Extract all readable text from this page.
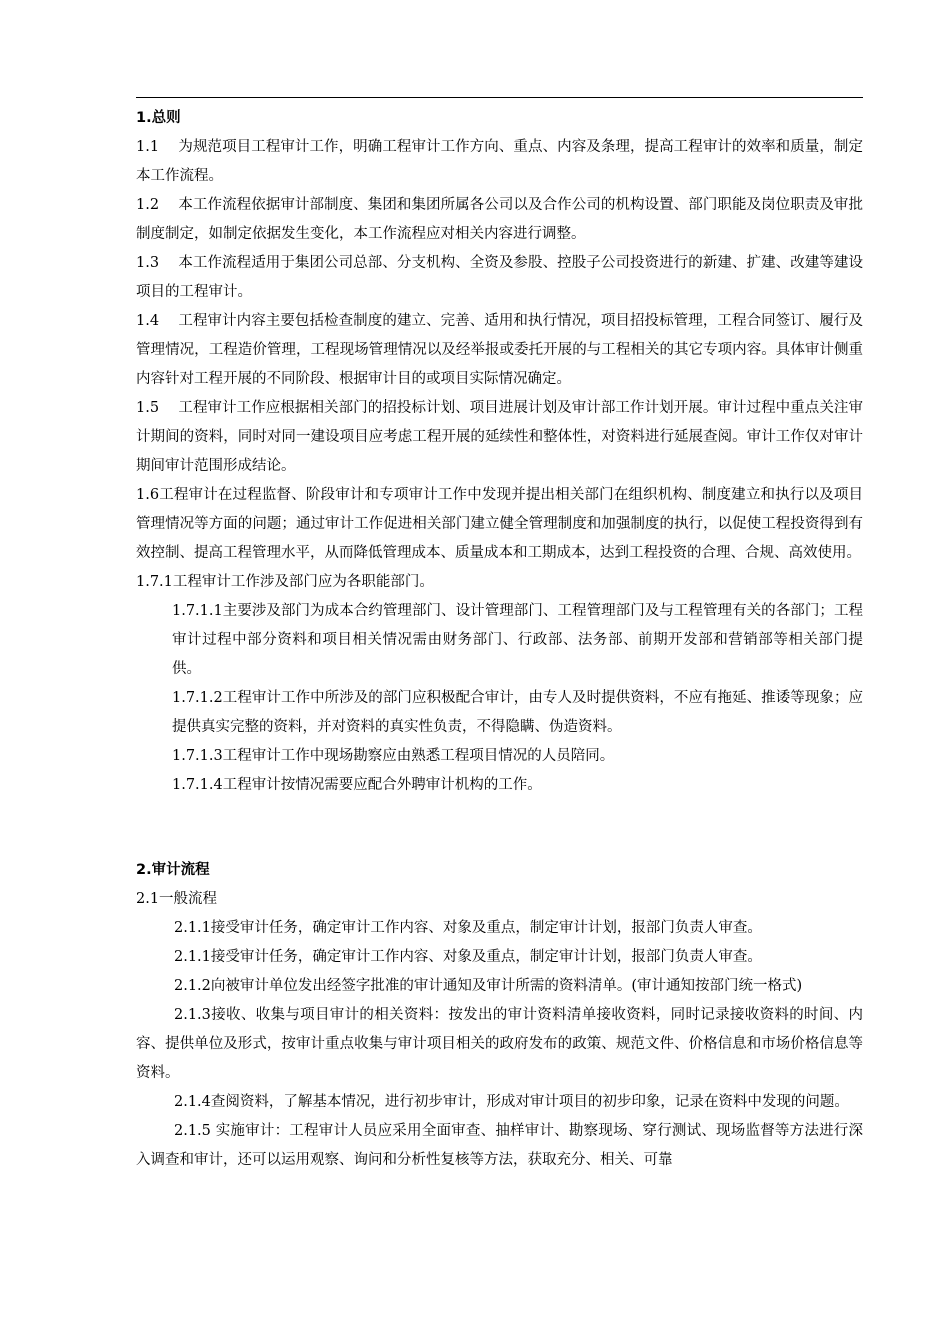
1.总则

1.1　 为规范项目工程审计工作，明确工程审计工作方向、重点、内容及条理，提高工程审计的效率和质量，制定本工作流程。

1.2　 本工作流程依据审计部制度、集团和集团所属各公司以及合作公司的机构设置、部门职能及岗位职责及审批制度制定，如制定依据发生变化，本工作流程应对相关内容进行调整。

1.3　 本工作流程适用于集团公司总部、分支机构、全资及参股、控股子公司投资进行的新建、扩建、改建等建设项目的工程审计。

1.4　 工程审计内容主要包括检查制度的建立、完善、适用和执行情况，项目招投标管理，工程合同签订、履行及管理情况，工程造价管理，工程现场管理情况以及经举报或委托开展的与工程相关的其它专项内容。具体审计侧重内容针对工程开展的不同阶段、根据审计目的或项目实际情况确定。

1.5　 工程审计工作应根据相关部门的招投标计划、项目进展计划及审计部工作计划开展。审计过程中重点关注审计期间的资料，同时对同一建设项目应考虑工程开展的延续性和整体性，对资料进行延展查阅。审计工作仅对审计期间审计范围形成结论。

1.6工程审计在过程监督、阶段审计和专项审计工作中发现并提出相关部门在组织机构、制度建立和执行以及项目管理情况等方面的问题；通过审计工作促进相关部门建立健全管理制度和加强制度的执行，以促使工程投资得到有效控制、提高工程管理水平，从而降低管理成本、质量成本和工期成本，达到工程投资的合理、合规、高效使用。

1.7.1工程审计工作涉及部门应为各职能部门。

1.7.1.1主要涉及部门为成本合约管理部门、设计管理部门、工程管理部门及与工程管理有关的各部门；工程审计过程中部分资料和项目相关情况需由财务部门、行政部、法务部、前期开发部和营销部等相关部门提供。

1.7.1.2工程审计工作中所涉及的部门应积极配合审计，由专人及时提供资料，不应有拖延、推诿等现象；应提供真实完整的资料，并对资料的真实性负责，不得隐瞒、伪造资料。

1.7.1.3工程审计工作中现场勘察应由熟悉工程项目情况的人员陪同。

1.7.1.4工程审计按情况需要应配合外聘审计机构的工作。

2.审计流程

2.1一般流程

2.1.1接受审计任务，确定审计工作内容、对象及重点，制定审计计划，报部门负责人审查。

2.1.1接受审计任务，确定审计工作内容、对象及重点，制定审计计划，报部门负责人审查。

2.1.2向被审计单位发出经签字批准的审计通知及审计所需的资料清单。(审计通知按部门统一格式)

2.1.3接收、收集与项目审计的相关资料：按发出的审计资料清单接收资料，同时记录接收资料的时间、内容、提供单位及形式，按审计重点收集与审计项目相关的政府发布的政策、规范文件、价格信息和市场价格信息等资料。

2.1.4查阅资料，了解基本情况，进行初步审计，形成对审计项目的初步印象，记录在资料中发现的问题。

2.1.5 实施审计：工程审计人员应采用全面审查、抽样审计、勘察现场、穿行测试、现场监督等方法进行深入调查和审计，还可以运用观察、询问和分析性复核等方法，获取充分、相关、可靠
